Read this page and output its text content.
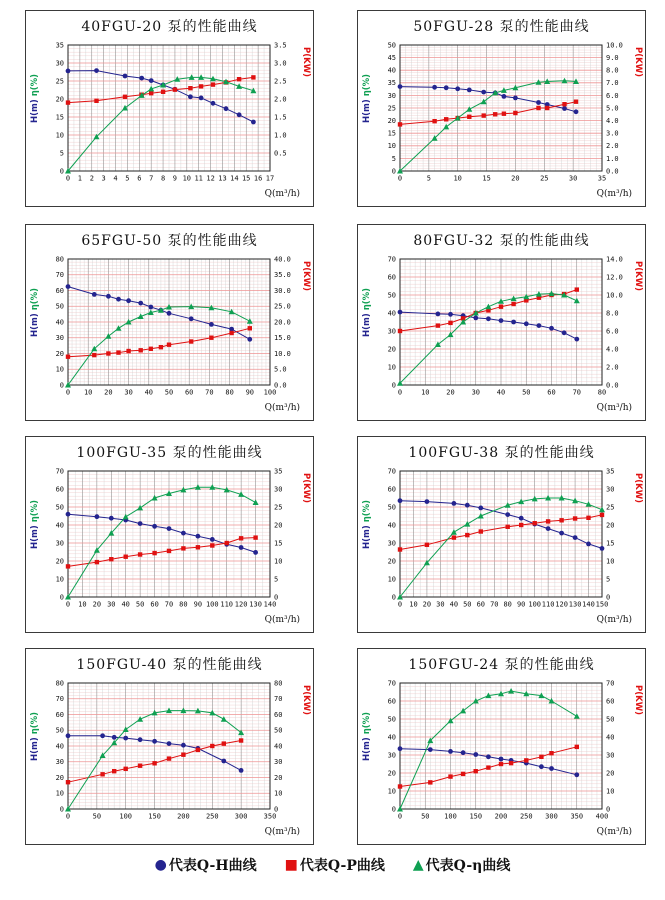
40FGU-20 泵的性能曲线
0 1 2 3 4 5 6 7 8 9 10 11 12 13 14 15 16 17
0
5
10
15
20
25
30
35
0.5
1.0
1.5
2.0
2.5
3.0
3.5
H(m) η(%)
P(KW)
Q(m³/h)
50FGU-28 泵的性能曲线
0	5	10	15	20	25	30	35
0
5
10
15
20
25
30
35
40
45
50
0.0
1.0
2.0
3.0
4.0
5.0
6.0
7.0
8.0
9.0
10.0
H(m) η(%)
P(KW)
Q(m³/h)
65FGU-50 泵的性能曲线
0 10 20 30 40 50 60 70 80 90 100
0
10
20
30
40
50
60
70
80
0.0
5.0
10.0
15.0
20.0
25.0
30.0
35.0
40.0
H(m) η(%)
P(KW)
Q(m³/h)
80FGU-32 泵的性能曲线
0	10 20 30 40 50 60 70 80
0
10
20
30
40
50
60
70
0.0
2.0
4.0
6.0
8.0
10.0
12.0
14.0
H(m) η(%)
P(KW)
Q(m³/h)
100FGU-35 泵的性能曲线
0 10 20 30 40 50 60 70 80 90 100 110 120 130 140
0
10
20
30
40
50
60
70
0
5
10
15
20
25
30
35
H(m) η(%)
P(KW)
Q(m³/h)
100FGU-38 泵的性能曲线
0 10 20 30 40 50 60 70 80 90 100 110 120 130 140 150
0
10
20
30
40
50
60
70
0
5
10
15
20
25
30
35
H(m) η(%)
P(KW)
Q(m³/h)
150FGU-40 泵的性能曲线
0	50	100 150 200 250 300 350
0
10
20
30
40
50
60
70
80
0
10
20
30
40
50
60
70
80
H(m) η(%)
P(KW)
Q(m³/h)
150FGU-24 泵的性能曲线
0	50 100 150 200 250 300 350 400
0
10
20
30
40
50
60
70
0
10
20
30
40
50
60
70
H(m) η(%)
P(KW)
Q(m³/h)
● 代表Q-H曲线 ■ 代表Q-P曲线 ▲ 代表Q-η曲线
